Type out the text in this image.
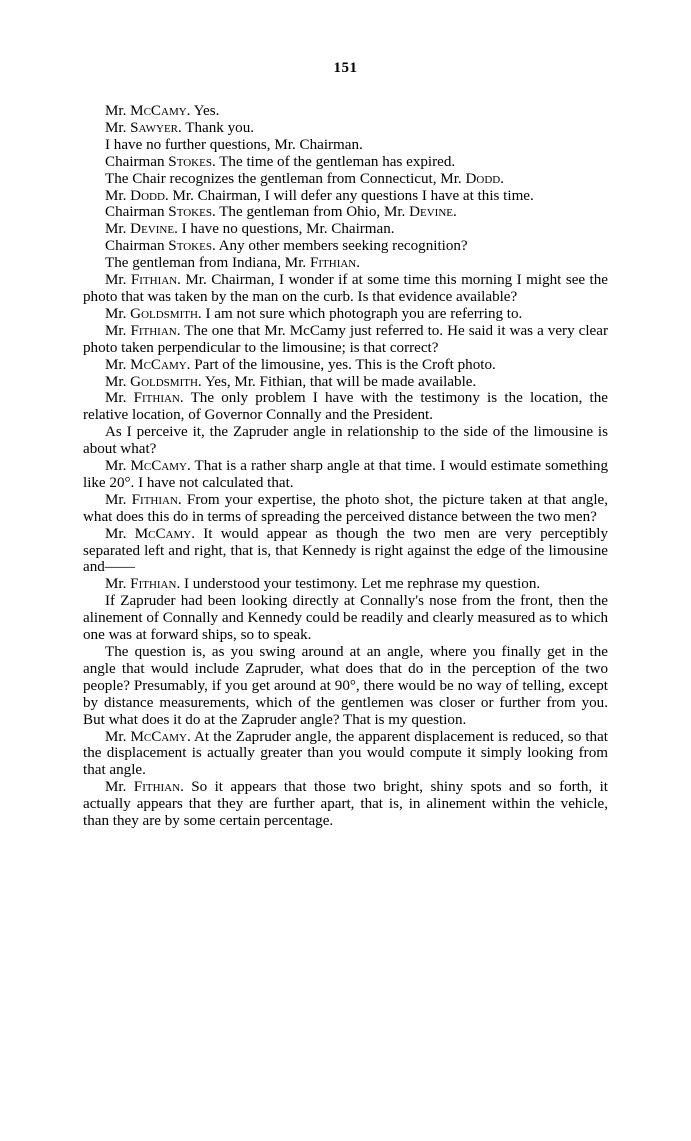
151

Mr. McCamy. Yes.

Mr. Sawyer. Thank you.

I have no further questions, Mr. Chairman.

Chairman Stokes. The time of the gentleman has expired.

The Chair recognizes the gentleman from Connecticut, Mr. Dodd.

Mr. Dodd. Mr. Chairman, I will defer any questions I have at this time.

Chairman Stokes. The gentleman from Ohio, Mr. Devine.

Mr. Devine. I have no questions, Mr. Chairman.

Chairman Stokes. Any other members seeking recognition?

The gentleman from Indiana, Mr. Fithian.

Mr. Fithian. Mr. Chairman, I wonder if at some time this morning I might see the photo that was taken by the man on the curb. Is that evidence available?

Mr. Goldsmith. I am not sure which photograph you are referring to.

Mr. Fithian. The one that Mr. McCamy just referred to. He said it was a very clear photo taken perpendicular to the limousine; is that correct?

Mr. McCamy. Part of the limousine, yes. This is the Croft photo.

Mr. Goldsmith. Yes, Mr. Fithian, that will be made available.

Mr. Fithian. The only problem I have with the testimony is the location, the relative location, of Governor Connally and the President.

As I perceive it, the Zapruder angle in relationship to the side of the limousine is about what?

Mr. McCamy. That is a rather sharp angle at that time. I would estimate something like 20°. I have not calculated that.

Mr. Fithian. From your expertise, the photo shot, the picture taken at that angle, what does this do in terms of spreading the perceived distance between the two men?

Mr. McCamy. It would appear as though the two men are very perceptibly separated left and right, that is, that Kennedy is right against the edge of the limousine and——

Mr. Fithian. I understood your testimony. Let me rephrase my question.

If Zapruder had been looking directly at Connally's nose from the front, then the alinement of Connally and Kennedy could be readily and clearly measured as to which one was at forward ships, so to speak.

The question is, as you swing around at an angle, where you finally get in the angle that would include Zapruder, what does that do in the perception of the two people? Presumably, if you get around at 90°, there would be no way of telling, except by distance measurements, which of the gentlemen was closer or further from you. But what does it do at the Zapruder angle? That is my question.

Mr. McCamy. At the Zapruder angle, the apparent displacement is reduced, so that the displacement is actually greater than you would compute it simply looking from that angle.

Mr. Fithian. So it appears that those two bright, shiny spots and so forth, it actually appears that they are further apart, that is, in alinement within the vehicle, than they are by some certain percentage.
